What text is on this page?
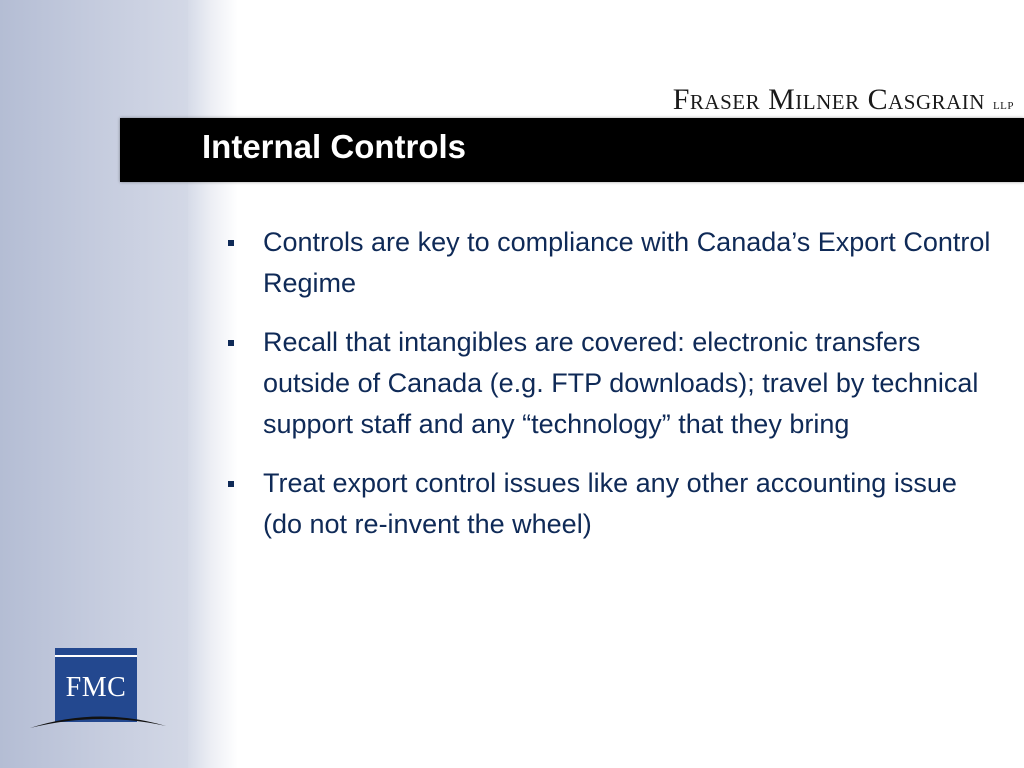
Fraser Milner Casgrain llp
Internal Controls
Controls are key to compliance with Canada’s Export Control Regime
Recall that intangibles are covered: electronic transfers outside of Canada (e.g. FTP downloads); travel by technical support staff and any “technology” that they bring
Treat export control issues like any other accounting issue (do not re-invent the wheel)
FMC
